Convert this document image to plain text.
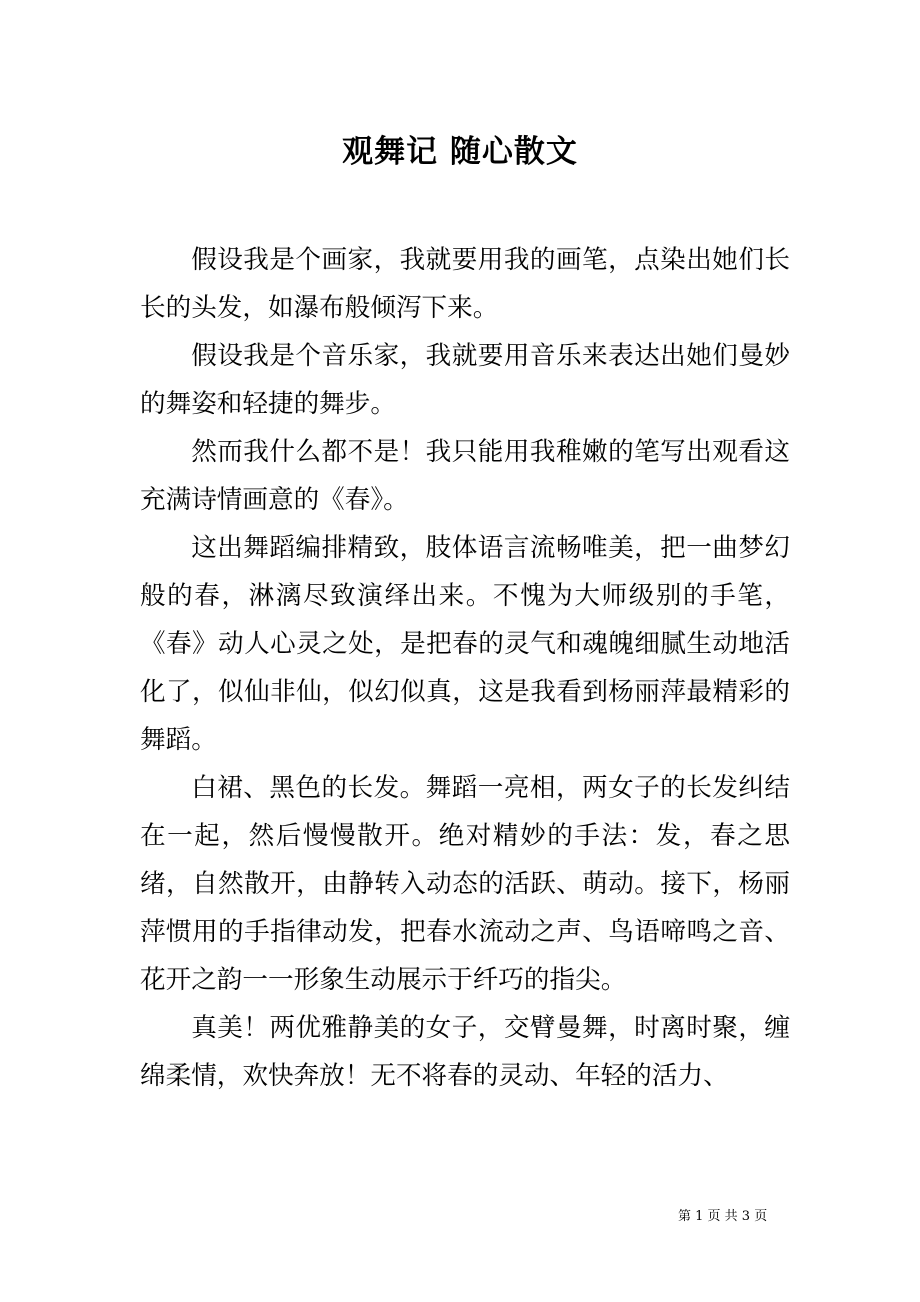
观舞记 随心散文

假设我是个画家，我就要用我的画笔，点染出她们长长的头发，如瀑布般倾泻下来。

假设我是个音乐家，我就要用音乐来表达出她们曼妙的舞姿和轻捷的舞步。

然而我什么都不是！我只能用我稚嫩的笔写出观看这充满诗情画意的《春》。

这出舞蹈编排精致，肢体语言流畅唯美，把一曲梦幻般的春，淋漓尽致演绎出来。不愧为大师级别的手笔，《春》动人心灵之处，是把春的灵气和魂魄细腻生动地活化了，似仙非仙，似幻似真，这是我看到杨丽萍最精彩的舞蹈。

白裙、黑色的长发。舞蹈一亮相，两女子的长发纠结在一起，然后慢慢散开。绝对精妙的手法：发，春之思绪，自然散开，由静转入动态的活跃、萌动。接下，杨丽萍惯用的手指律动发，把春水流动之声、鸟语啼鸣之音、花开之韵一一形象生动展示于纤巧的指尖。

真美！两优雅静美的女子，交臂曼舞，时离时聚，缠绵柔情，欢快奔放！无不将春的灵动、年轻的活力、

第 1 页 共 3 页
